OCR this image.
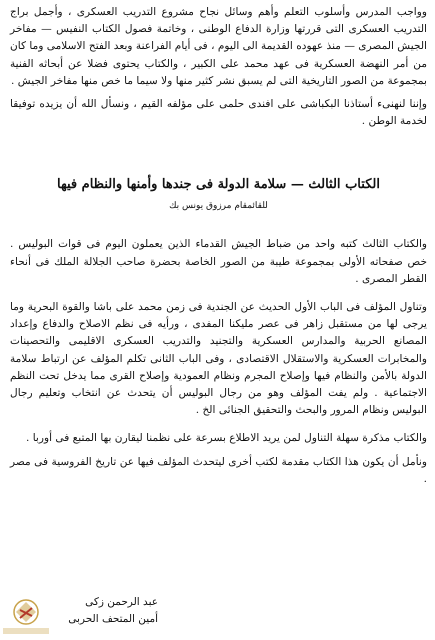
وواجب المدرس وأسلوب التعلم وأهم وسائل نجاح مشروع التدريب العسكرى ، وأجمل براج التدريب العسكرى التى قررتها وزارة الدفاع الوطنى ، وخاتمة فصول الكتاب النفيس — مفاخر الجيش المصرى — منذ عهوده القديمة الى اليوم ، فى أيام الفراعنة وبعد الفتح الاسلامى وما كان من أمر النهضة العسكرية فى عهد محمد على الكبير ، والكتاب يحتوى فضلا عن أبحاثه الفنية بمجموعة من الصور التاريخية التى لم يسبق نشر كثير منها ولا سيما ما خص منها مفاخر الجيش .

وإننا لنهنىء أستاذنا البكباشى على افندى حلمى على مؤلفه القيم ، ونسأل الله أن يزيده توفيقا لخدمة الوطن .

الكتاب الثالث — سلامة الدولة فى جندها وأمنها والنظام فيها
للقائمقام مرزوق يونس بك

والكتاب الثالث كتبه واحد من ضباط الجيش القدماء الذين يعملون اليوم فى قوات البوليس . خص صفحاته الأولى بمجموعة طيبة من الصور الخاصة بحضرة صاحب الجلالة الملك فى أنحاء القطر المصرى .

وتناول المؤلف فى الباب الأول الحديث عن الجندية فى زمن محمد على باشا والقوة البحرية وما يرجى لها من مستقبل زاهر فى عصر مليكنا المفدى ، ورأيه فى نظم الاصلاح والدفاع وإعداد المصانع الحربية والمدارس العسكرية والتجنيد والتدريب العسكرى الاقليمى والتحصينات والمخابرات العسكرية والاستقلال الاقتصادى ، وفى الباب الثانى تكلم المؤلف عن ارتباط سلامة الدولة بالأمن والنظام فيها وإصلاح المجرم ونظام العمودية وإصلاح القرى مما يدخل تحت النظم الاجتماعية . ولم يفت المؤلف وهو من رجال البوليس أن يتحدث عن انتخاب وتعليم رجال البوليس ونظام المرور والبحث والتحقيق الجنائى الخ .

والكتاب مذكرة سهلة التناول لمن يريد الاطلاع بسرعة على نظمنا ليقارن بها المتبع فى أوربا .

ونأمل أن يكون هذا الكتاب مقدمة لكتب أخرى ليتحدث المؤلف فيها عن تاريخ الفروسية فى مصر .

عبد الرحمن زكى
أمين المتحف الحربى
